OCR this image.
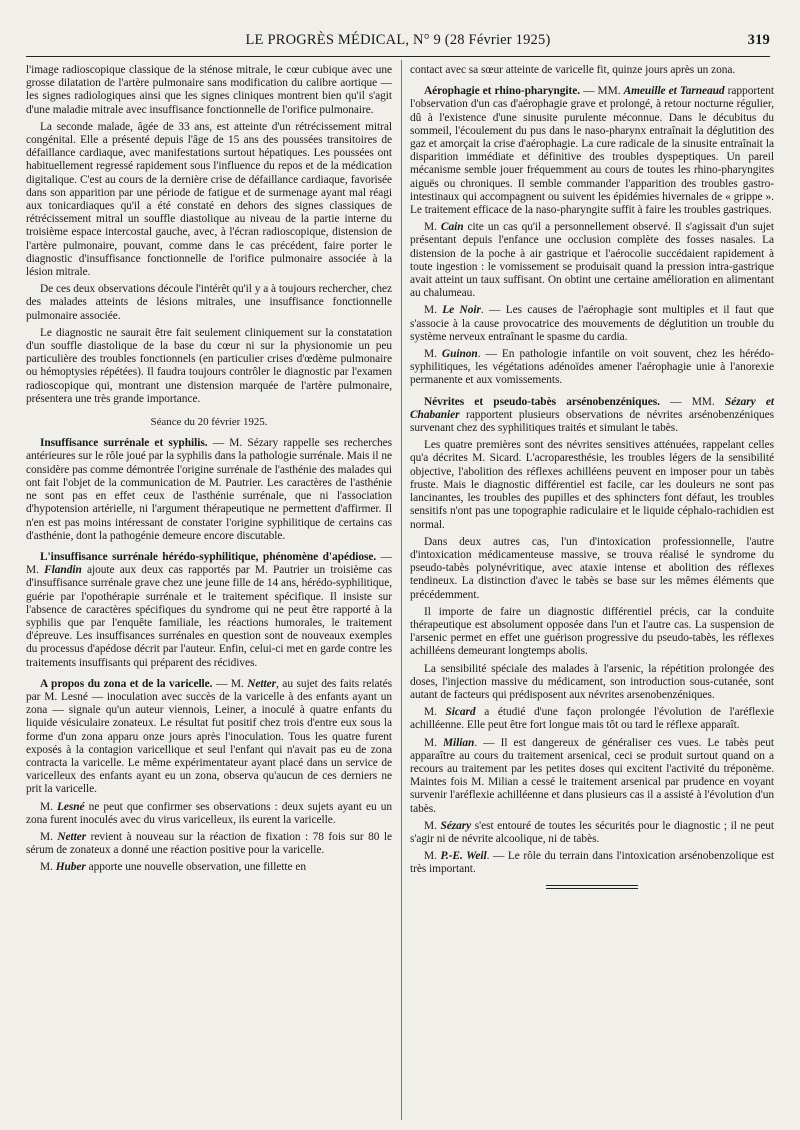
LE PROGRÈS MÉDICAL, N° 9 (28 Février 1925)	319

l'image radioscopique classique de la sténose mitrale, le cœur cubique avec une grosse dilatation de l'artère pulmonaire sans modification du calibre aortique — les signes radiologiques ainsi que les signes cliniques montrent bien qu'il s'agit d'une maladie mitrale avec insuffisance fonctionnelle de l'orifice pulmonaire.

La seconde malade, âgée de 33 ans, est atteinte d'un rétrécissement mitral congénital. Elle a présenté depuis l'âge de 15 ans des poussées transitoires de défaillance cardiaque, avec manifestations surtout hépatiques. Les poussées ont habituellement regressé rapidement sous l'influence du repos et de la médication digitalique. C'est au cours de la dernière crise de défaillance cardiaque, favorisée dans son apparition par une période de fatigue et de surmenage ayant mal réagi aux tonicardiaques qu'il a été constaté en dehors des signes classiques de rétrécissement mitral un souffle diastolique au niveau de la partie interne du troisième espace intercostal gauche, avec, à l'écran radioscopique, distension de l'artère pulmonaire, pouvant, comme dans le cas précédent, faire porter le diagnostic d'insuffisance fonctionnelle de l'orifice pulmonaire associée à la lésion mitrale.

De ces deux observations découle l'intérêt qu'il y a à toujours rechercher, chez des malades atteints de lésions mitrales, une insuffisance fonctionnelle pulmonaire associée.

Le diagnostic ne saurait être fait seulement cliniquement sur la constatation d'un souffle diastolique de la base du cœur ni sur la physionomie un peu particulière des troubles fonctionnels (en particulier crises d'œdème pulmonaire ou hémoptysies répétées). Il faudra toujours contrôler le diagnostic par l'examen radioscopique qui, montrant une distension marquée de l'artère pulmonaire, présentera une très grande importance.

Séance du 20 février 1925.

Insuffisance surrénale et syphilis. — M. Sézary rappelle ses recherches antérieures sur le rôle joué par la syphilis dans la pathologie surrénale. Mais il ne considère pas comme démontrée l'origine surrénale de l'asthénie des malades qui ont fait l'objet de la communication de M. Pautrier. Les caractères de l'asthénie ne sont pas en effet ceux de l'asthénie surrénale, que ni l'association d'hypotension artérielle, ni l'argument thérapeutique ne permettent d'affirmer. Il n'en est pas moins intéressant de constater l'origine syphilitique de certains cas d'asthénie, dont la pathogénie demeure encore discutable.

L'insuffisance surrénale hérédo-syphilitique, phénomène d'apédiose. — M. Flandin ajoute aux deux cas rapportés par M. Pautrier un troisième cas d'insuffisance surrénale grave chez une jeune fille de 14 ans, hérédo-syphilitique, guérie par l'opothérapie surrénale et le traitement spécifique. Il insiste sur l'absence de caractères spécifiques du syndrome qui ne peut être rapporté à la syphilis que par l'enquête familiale, les réactions humorales, le traitement d'épreuve. Les insuffisances surrénales en question sont de nouveaux exemples du processus d'apédose décrit par l'auteur. Enfin, celui-ci met en garde contre les traitements insuffisants qui préparent des récidives.

A propos du zona et de la varicelle. — M. Netter, au sujet des faits relatés par M. Lesné — inoculation avec succès de la varicelle à des enfants ayant un zona — signale qu'un auteur viennois, Leiner, a inoculé à quatre enfants du liquide vésiculaire zonateux. Le résultat fut positif chez trois d'entre eux sous la forme d'un zona apparu onze jours après l'inoculation. Tous les quatre furent exposés à la contagion varicellique et seul l'enfant qui n'avait pas eu de zona contracta la varicelle. Le même expérimentateur ayant placé dans un service de varicelleux des enfants ayant eu un zona, observa qu'aucun de ces derniers ne prit la varicelle.

M. Lesné ne peut que confirmer ses observations : deux sujets ayant eu un zona furent inoculés avec du virus varicelleux, ils eurent la varicelle.

M. Netter revient à nouveau sur la réaction de fixation : 78 fois sur 80 le sérum de zonateux a donné une réaction positive pour la varicelle.

M. Huber apporte une nouvelle observation, une fillette en

contact avec sa sœur atteinte de varicelle fit, quinze jours après un zona.

Aérophagie et rhino-pharyngite. — MM. Ameuille et Tarneaud rapportent l'observation d'un cas d'aérophagie grave et prolongé, à retour nocturne régulier, dû à l'existence d'une sinusite purulente méconnue. Dans le décubitus du sommeil, l'écoulement du pus dans le naso-pharynx entraînait la déglutition des gaz et amorçait la crise d'aérophagie. La cure radicale de la sinusite entraînait la disparition immédiate et définitive des troubles dyspeptiques. Un pareil mécanisme semble jouer fréquemment au cours de toutes les rhino-pharyngites aiguës ou chroniques. Il semble commander l'apparition des troubles gastro-intestinaux qui accompagnent ou suivent les épidémies hivernales de « grippe ». Le traitement efficace de la naso-pharyngite suffit à faire les troubles gastriques.

M. Cain cite un cas qu'il a personnellement observé. Il s'agissait d'un sujet présentant depuis l'enfance une occlusion complète des fosses nasales. La distension de la poche à air gastrique et l'aérocolie succédaient rapidement à toute ingestion : le vomissement se produisait quand la pression intra-gastrique avait atteint un taux suffisant. On obtint une certaine amélioration en alimentant au chalumeau.

M. Le Noir. — Les causes de l'aérophagie sont multiples et il faut que s'associe à la cause provocatrice des mouvements de déglutition un trouble du système nerveux entraînant le spasme du cardia.

M. Guinon. — En pathologie infantile on voit souvent, chez les hérédo-syphilitiques, les végétations adénoïdes amener l'aérophagie unie à l'anorexie permanente et aux vomissements.

Névrites et pseudo-tabès arsénobenzéniques. — MM. Sézary et Chabanier rapportent plusieurs observations de névrites arsénobenzéniques survenant chez des syphilitiques traités et simulant le tabès.

Les quatre premières sont des névrites sensitives atténuées, rappelant celles qu'a décrites M. Sicard. L'acroparesthésie, les troubles légers de la sensibilité objective, l'abolition des réflexes achilléens peuvent en imposer pour un tabès fruste. Mais le diagnostic différentiel est facile, car les douleurs ne sont pas lancinantes, les troubles des pupilles et des sphincters font défaut, les troubles sensitifs n'ont pas une topographie radiculaire et le liquide céphalo-rachidien est normal.

Dans deux autres cas, l'un d'intoxication professionnelle, l'autre d'intoxication médicamenteuse massive, se trouva réalisé le syndrome du pseudo-tabès polynévritique, avec ataxie intense et abolition des réflexes tendineux. La distinction d'avec le tabès se base sur les mêmes éléments que précédemment.

Il importe de faire un diagnostic différentiel précis, car la conduite thérapeutique est absolument opposée dans l'un et l'autre cas. La suspension de l'arsenic permet en effet une guérison progressive du pseudo-tabès, les réflexes achilléens demeurant longtemps abolis.

La sensibilité spéciale des malades à l'arsenic, la répétition prolongée des doses, l'injection massive du médicament, son introduction sous-cutanée, sont autant de facteurs qui prédisposent aux névrites arsenobenzéniques.

M. Sicard a étudié d'une façon prolongée l'évolution de l'aréflexie achilléenne. Elle peut être fort longue mais tôt ou tard le réflexe apparaît.

M. Milian. — Il est dangereux de généraliser ces vues. Le tabès peut apparaître au cours du traitement arsenical, ceci se produit surtout quand on a recours au traitement par les petites doses qui excitent l'activité du tréponème. Maintes fois M. Milian a cessé le traitement arsenical par prudence en voyant survenir l'aréflexie achilléenne et dans plusieurs cas il a assisté à l'évolution d'un tabès.

M. Sézary s'est entouré de toutes les sécurités pour le diagnostic ; il ne peut s'agir ni de névrite alcoolique, ni de tabès.

M. P.-E. Weil. — Le rôle du terrain dans l'intoxication arsénobenzolique est très important.
